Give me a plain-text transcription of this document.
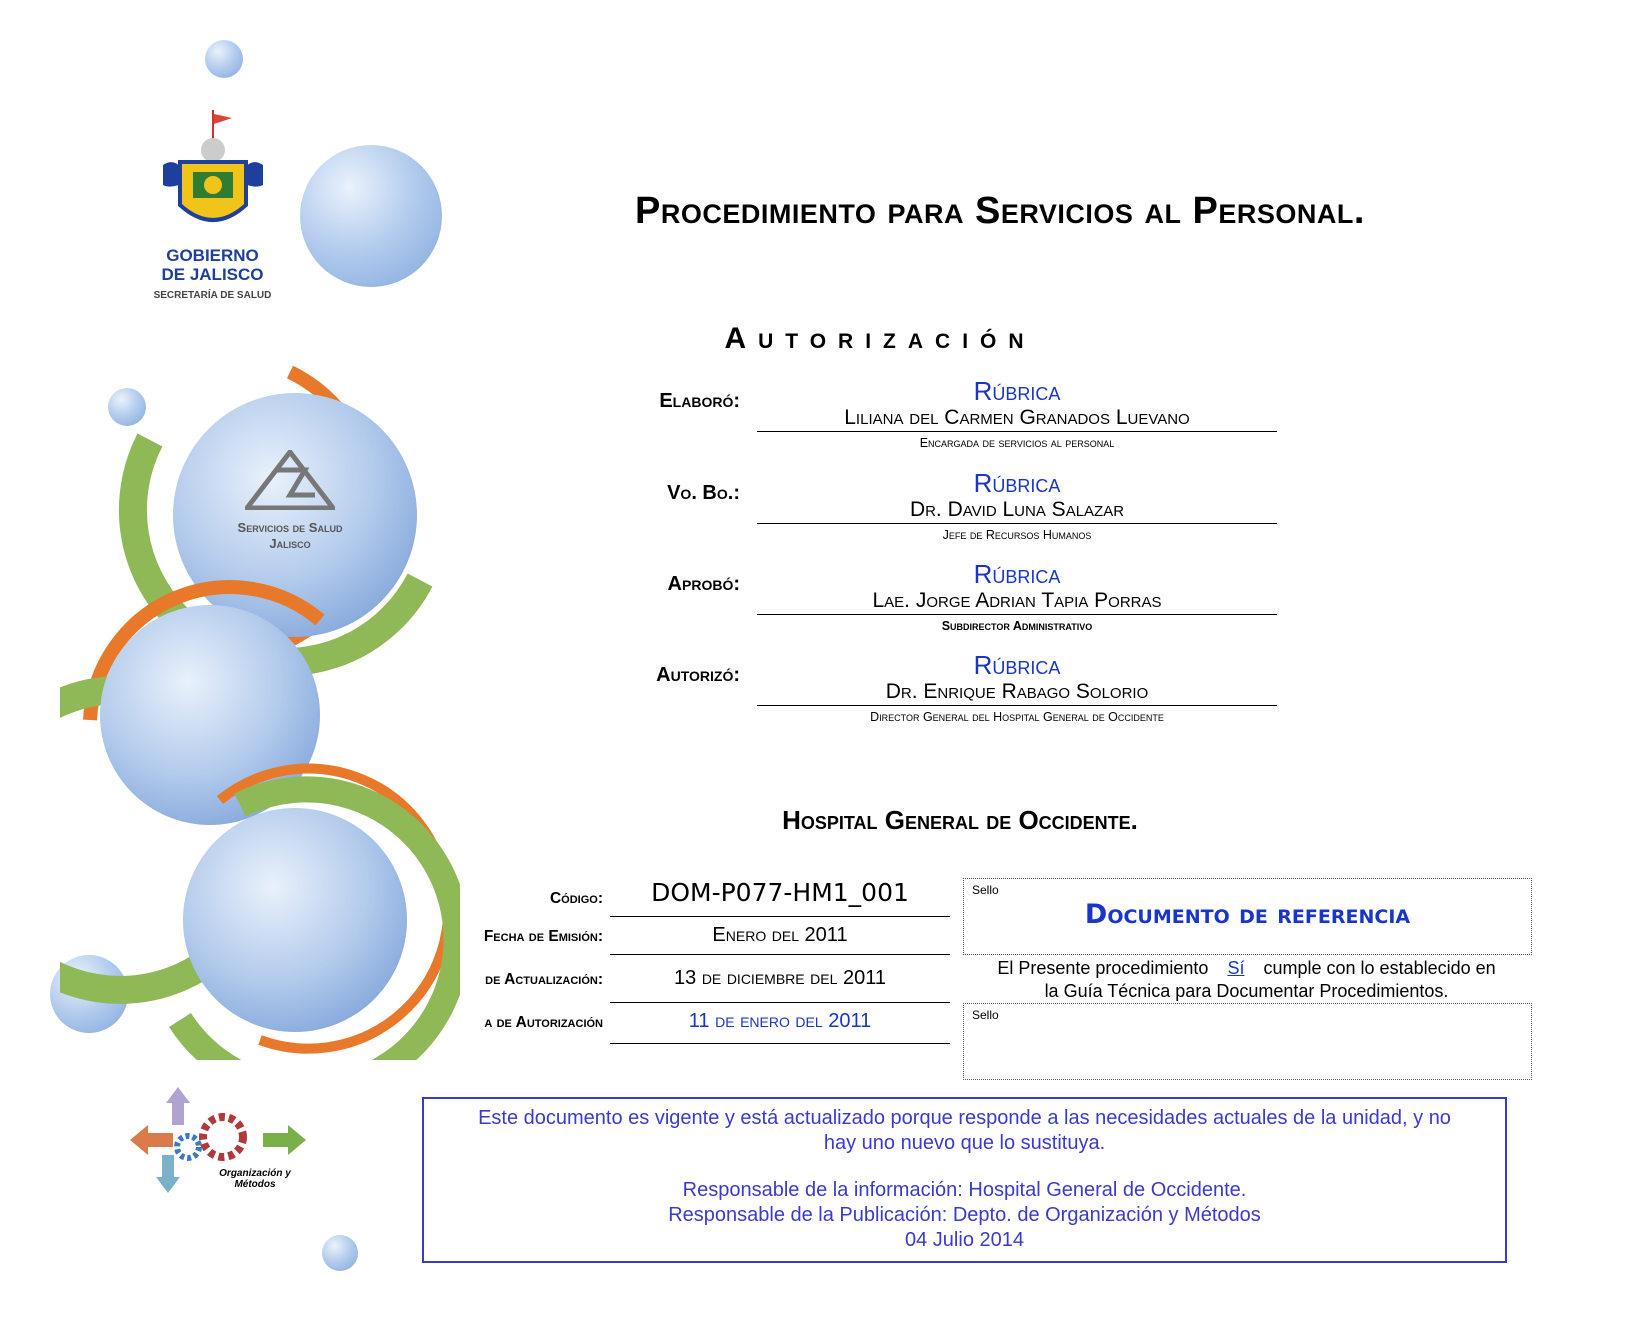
Servicios de Salud
Jalisco
GOBIERNO
DE JALISCO
SECRETARÍA DE SALUD
Organización y
Métodos
Procedimiento para Servicios al Personal.
Autorización
Elaboró:	Rúbrica
Liliana del Carmen Granados Luevano
Encargada de servicios al personal
Vo. Bo.:	Rúbrica
Dr. David Luna Salazar
Jefe de Recursos Humanos
Aprobó:	Rúbrica
Lae. Jorge Adrian Tapia Porras
Subdirector Administrativo
Autorizó:	Rúbrica
Dr. Enrique Rabago Solorio
Director General del Hospital General de Occidente
Hospital General de Occidente.
Código:	DOM-P077-HM1_001
Fecha de Emisión:	Enero del 2011
de Actualización:	13 de diciembre del 2011
a de Autorización	11 de enero del 2011
Sello
Documento de referencia
El Presente procedimiento Sí cumple con lo establecido en
la Guía Técnica para Documentar Procedimientos.
Sello
Este documento es vigente y está actualizado porque responde a las necesidades actuales de la unidad, y no
hay uno nuevo que lo sustituya.
Responsable de la información: Hospital General de Occidente.
Responsable de la Publicación: Depto. de Organización y Métodos
04 Julio 2014
